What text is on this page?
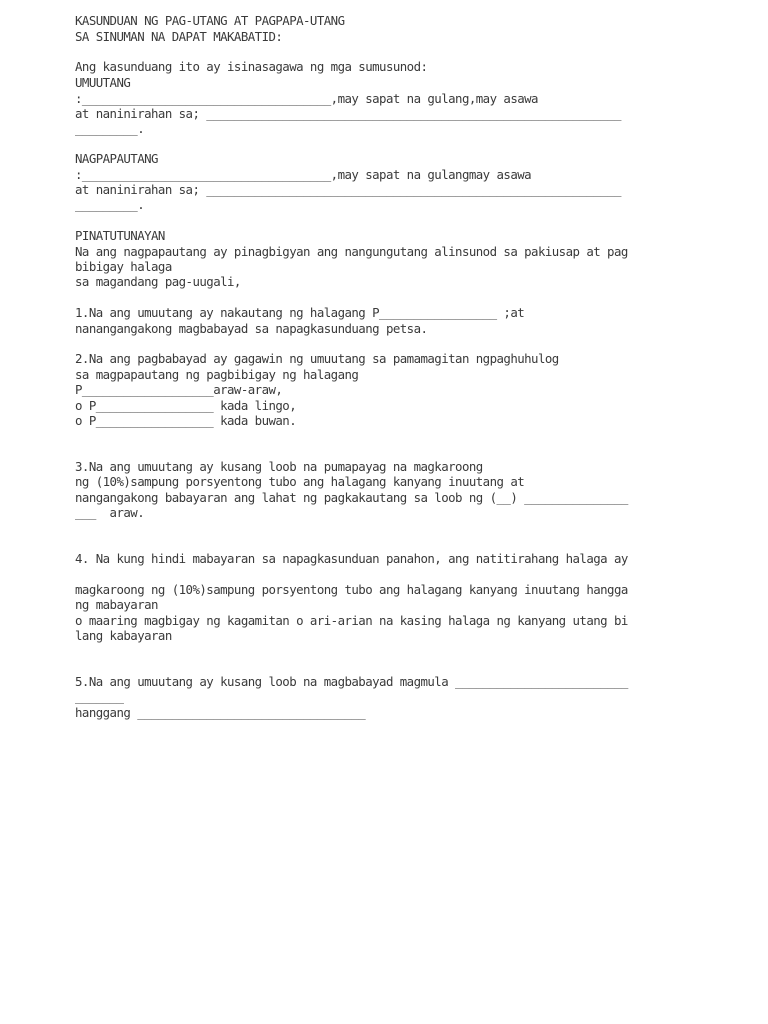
KASUNDUAN NG PAG-UTANG AT PAGPAPA-UTANG

SA SINUMAN NA DAPAT MAKABATID:

Ang kasunduang ito ay isinasagawa ng mga sumusunod:

UMUUTANG

:____________________________________,may sapat na gulang,may asawa

at naninirahan sa; ____________________________________________________________

_________.

NAGPAPAUTANG

:____________________________________,may sapat na gulangmay asawa

at naninirahan sa; ____________________________________________________________

_________.

PINATUTUNAYAN

Na ang nagpapautang ay pinagbigyan ang nangungutang alinsunod sa pakiusap at pag

bibigay halaga

sa magandang pag-uugali,

1.Na ang umuutang ay nakautang ng halagang P_________________ ;at

nanangangakong magbabayad sa napagkasunduang petsa.

2.Na ang pagbabayad ay gagawin ng umuutang sa pamamagitan ngpaghuhulog

sa magpapautang ng pagbibigay ng halagang

P___________________araw-araw,

o P_________________ kada lingo,

o P_________________ kada buwan.

3.Na ang umuutang ay kusang loob na pumapayag na magkaroong

ng (10%)sampung porsyentong tubo ang halagang kanyang inuutang at

nangangakong babayaran ang lahat ng pagkakautang sa loob ng (__) _______________

___  araw.

4. Na kung hindi mabayaran sa napagkasunduan panahon, ang natitirahang halaga ay

magkaroong ng (10%)sampung porsyentong tubo ang halagang kanyang inuutang hangga

ng mabayaran

o maaring magbigay ng kagamitan o ari-arian na kasing halaga ng kanyang utang bi

lang kabayaran

5.Na ang umuutang ay kusang loob na magbabayad magmula _________________________

_______

hanggang _________________________________
